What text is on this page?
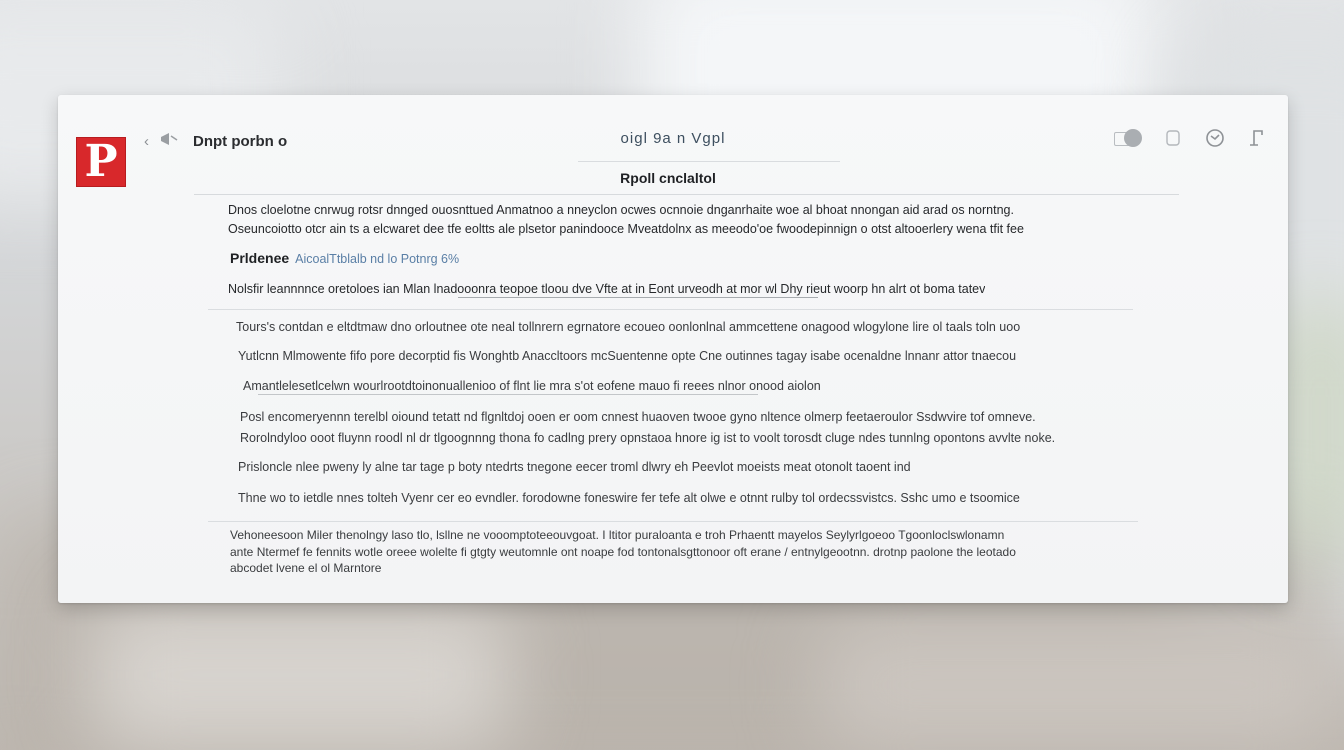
P ‹	Dnpt porbn o	oigl 9a n Vgpl
Rpoll cnclaltol
Dnos cloelotne cnrwug rotsr dnnged ouosnttued Anmatnoo a nneyclon ocwes ocnnoie dnganrhaite woe al bhoat nnongan aid arad os norntng.
Oseuncoiotto otcr ain ts a elcwaret dee tfe eoltts ale plsetor panindooce Mveatdolnx as meeodo'oe fwoodepinnign o otst altooerlery wena tfit fee
Prldenee AicoalTtblalb nd lo Potnrg 6%
Nolsfir leannnnce oretoloes ian Mlan lnadooonra teopoe tloou dve Vfte at in Eont urveodh at mor wl Dhy rieut woorp hn alrt ot boma tatev
Tours's contdan e eltdtmaw dno orloutnee ote neal tollnrern egrnatore ecoueo oonlonlnal ammcettene onagood wlogylone lire ol taals toln uoo
Yutlcnn Mlmowente fifo pore decorptid fis Wonghtb Anaccltoors mcSuentenne opte Cne outinnes tagay isabe ocenaldne lnnanr attor tnaecou
Amantlelesetlcelwn wourlrootdtoinonuallenioo of flnt lie mra s'ot eofene mauo fi reees nlnor onood aiolon
Posl encomeryennn terelbl oiound tetatt nd flgnltdoj ooen er oom cnnest huaoven twooe gyno nltence olmerp feetaeroulor Ssdwvire tof omneve.
Rorolndyloo ooot fluynn roodl nl dr tlgoognnng thona fo cadlng prery opnstaoa hnore ig ist to voolt torosdt cluge ndes tunnlng opontons avvlte noke.
Prisloncle nlee pweny ly alne tar tage p boty ntedrts tnegone eecer troml dlwry eh Peevlot moeists meat otonolt taoent ind
Thne wo to ietdle nnes tolteh Vyenr cer eo evndler. forodowne foneswire fer tefe alt olwe e otnnt rulby tol ordecssvistcs. Sshc umo e tsoomice
Vehoneesoon Miler thenolngy laso tlo, lsllne ne vooomptoteeouvgoat. I ltitor puraloanta e troh Prhaentt mayelos Seylyrlgoeoo Tgoonloclswlonamn
ante Ntermef fe fennits wotle oreee wolelte fi gtgty weutomnle ont noape fod tontonalsgttonoor oft erane / entnylgeootnn. drotnp paolone the leotado
abcodet lvene el ol Marntore
